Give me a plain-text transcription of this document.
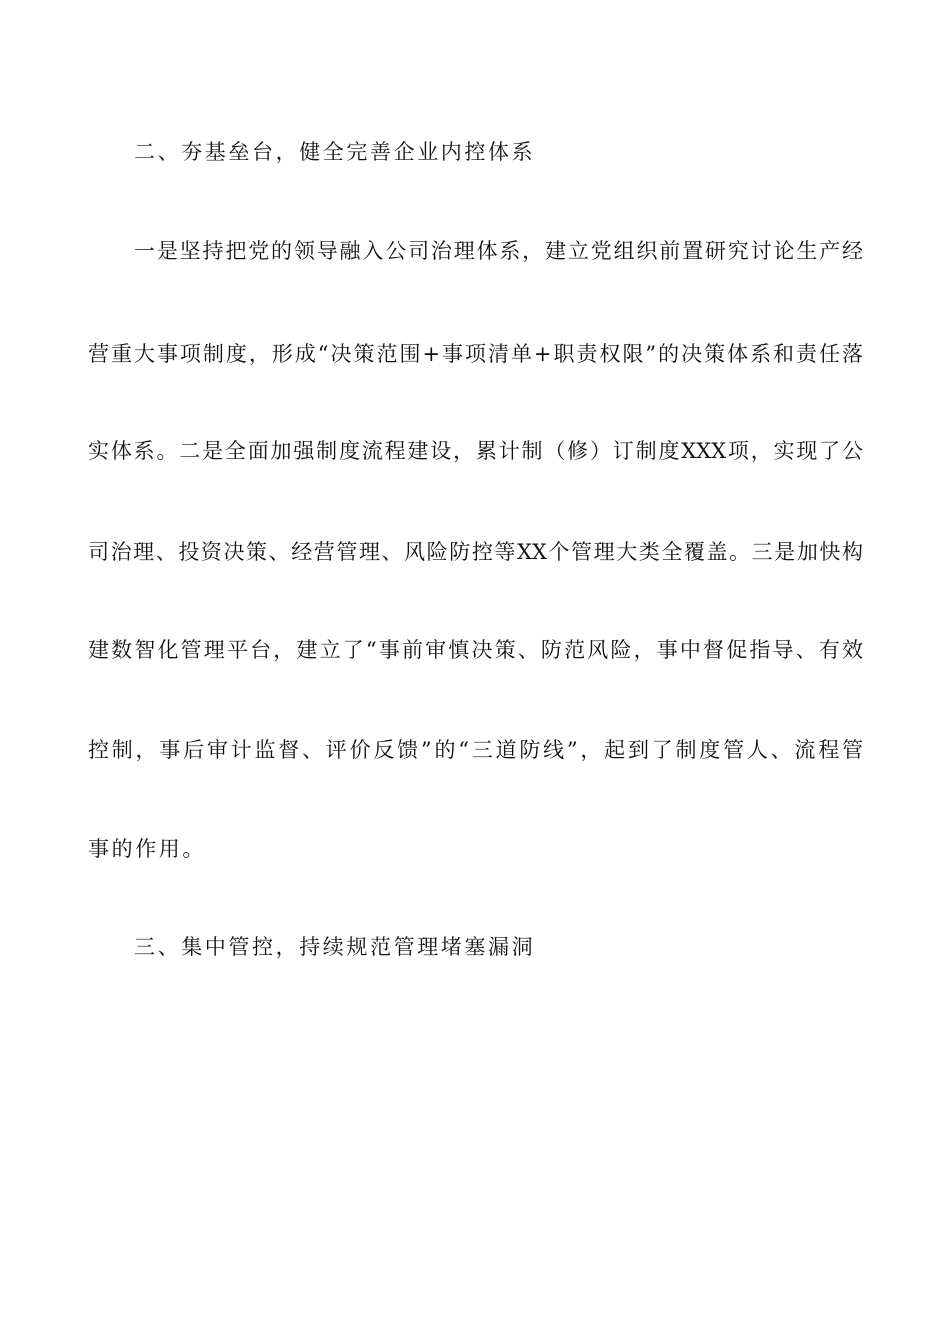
二、夯基垒台，健全完善企业内控体系
一是坚持把党的领导融入公司治理体系，建立党组织前置研究讨论生产经
营重大事项制度，形成“决策范围+事项清单+职责权限”的决策体系和责任落
实体系。二是全面加强制度流程建设，累计制（修）订制度XXX项，实现了公
司治理、投资决策、经营管理、风险防控等XX个管理大类全覆盖。三是加快构
建数智化管理平台，建立了“事前审慎决策、防范风险，事中督促指导、有效
控制，事后审计监督、评价反馈”的“三道防线”，起到了制度管人、流程管
事的作用。
三、集中管控，持续规范管理堵塞漏洞
